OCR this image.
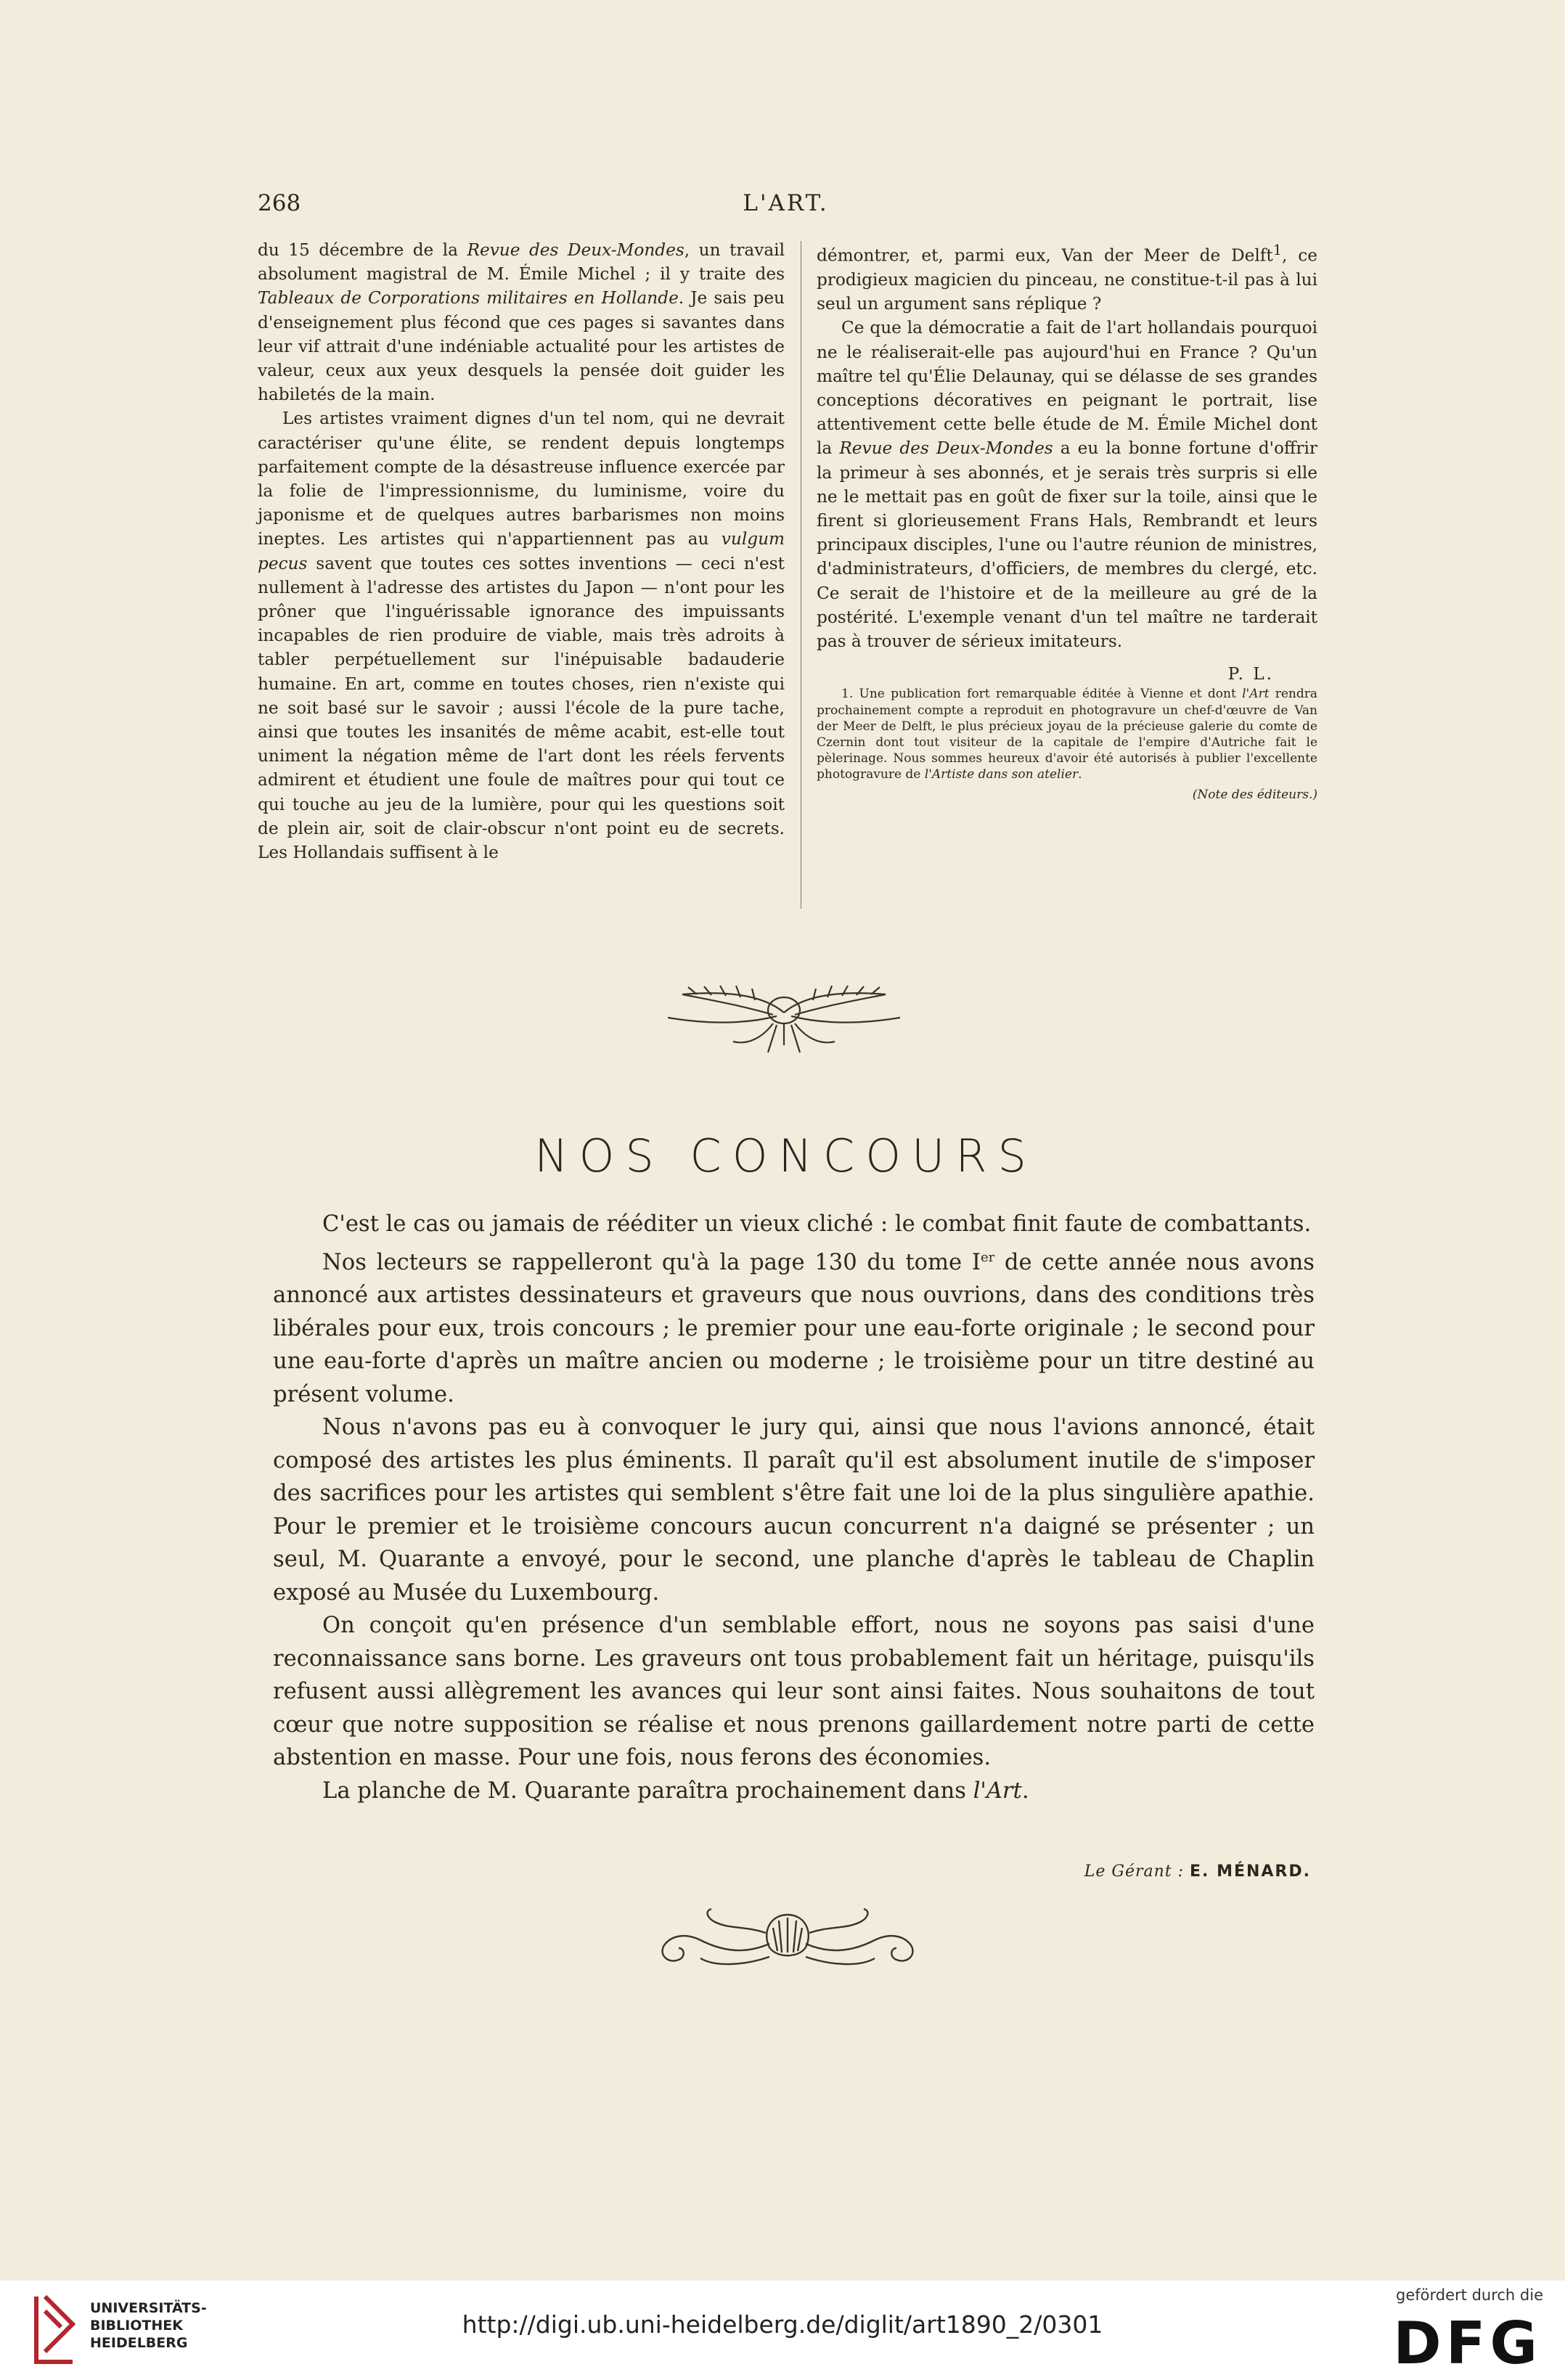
268	L'ART.

du 15 décembre de la Revue des Deux-Mondes, un travail absolument magistral de M. Émile Michel ; il y traite des Tableaux de Corporations militaires en Hollande. Je sais peu d'enseignement plus fécond que ces pages si savantes dans leur vif attrait d'une indéniable actualité pour les artistes de valeur, ceux aux yeux desquels la pensée doit guider les habiletés de la main.

Les artistes vraiment dignes d'un tel nom, qui ne devrait caractériser qu'une élite, se rendent depuis longtemps parfaitement compte de la désastreuse influence exercée par la folie de l'impressionnisme, du luminisme, voire du japonisme et de quelques autres barbarismes non moins ineptes. Les artistes qui n'appartiennent pas au vulgum pecus savent que toutes ces sottes inventions — ceci n'est nullement à l'adresse des artistes du Japon — n'ont pour les prôner que l'inguérissable ignorance des impuissants incapables de rien produire de viable, mais très adroits à tabler perpétuellement sur l'inépuisable badauderie humaine. En art, comme en toutes choses, rien n'existe qui ne soit basé sur le savoir ; aussi l'école de la pure tache, ainsi que toutes les insanités de même acabit, est-elle tout uniment la négation même de l'art dont les réels fervents admirent et étudient une foule de maîtres pour qui tout ce qui touche au jeu de la lumière, pour qui les questions soit de plein air, soit de clair-obscur n'ont point eu de secrets. Les Hollandais suffisent à le

démontrer, et, parmi eux, Van der Meer de Delft$^1$, ce prodigieux magicien du pinceau, ne constitue-t-il pas à lui seul un argument sans réplique ?

Ce que la démocratie a fait de l'art hollandais pourquoi ne le réaliserait-elle pas aujourd'hui en France ? Qu'un maître tel qu'Élie Delaunay, qui se délasse de ses grandes conceptions décoratives en peignant le portrait, lise attentivement cette belle étude de M. Émile Michel dont la Revue des Deux-Mondes a eu la bonne fortune d'offrir la primeur à ses abonnés, et je serais très surpris si elle ne le mettait pas en goût de fixer sur la toile, ainsi que le firent si glorieusement Frans Hals, Rembrandt et leurs principaux disciples, l'une ou l'autre réunion de ministres, d'administrateurs, d'officiers, de membres du clergé, etc. Ce serait de l'histoire et de la meilleure au gré de la postérité. L'exemple venant d'un tel maître ne tarderait pas à trouver de sérieux imitateurs.

P. L.

1. Une publication fort remarquable éditée à Vienne et dont l'Art rendra prochainement compte a reproduit en photogravure un chef-d'œuvre de Van der Meer de Delft, le plus précieux joyau de la précieuse galerie du comte de Czernin dont tout visiteur de la capitale de l'empire d'Autriche fait le pèlerinage. Nous sommes heureux d'avoir été autorisés à publier l'excellente photogravure de l'Artiste dans son atelier.

(Note des éditeurs.)

NOS CONCOURS

C'est le cas ou jamais de rééditer un vieux cliché : le combat finit faute de combattants.

Nos lecteurs se rappelleront qu'à la page 130 du tome Ier de cette année nous avons annoncé aux artistes dessinateurs et graveurs que nous ouvrions, dans des conditions très libérales pour eux, trois concours ; le premier pour une eau-forte originale ; le second pour une eau-forte d'après un maître ancien ou moderne ; le troisième pour un titre destiné au présent volume.

Nous n'avons pas eu à convoquer le jury qui, ainsi que nous l'avions annoncé, était composé des artistes les plus éminents. Il paraît qu'il est absolument inutile de s'imposer des sacrifices pour les artistes qui semblent s'être fait une loi de la plus singulière apathie. Pour le premier et le troisième concours aucun concurrent n'a daigné se présenter ; un seul, M. Quarante a envoyé, pour le second, une planche d'après le tableau de Chaplin exposé au Musée du Luxembourg.

On conçoit qu'en présence d'un semblable effort, nous ne soyons pas saisi d'une reconnaissance sans borne. Les graveurs ont tous probablement fait un héritage, puisqu'ils refusent aussi allègrement les avances qui leur sont ainsi faites. Nous souhaitons de tout cœur que notre supposition se réalise et nous prenons gaillardement notre parti de cette abstention en masse. Pour une fois, nous ferons des économies.

La planche de M. Quarante paraîtra prochainement dans l'Art.

Le Gérant : E. MÉNARD.
UNIVERSITÄTS-
BIBLIOTHEK
HEIDELBERG
http://digi.ub.uni-heidelberg.de/diglit/art1890_2/0301
gefördert durch die
DFG
